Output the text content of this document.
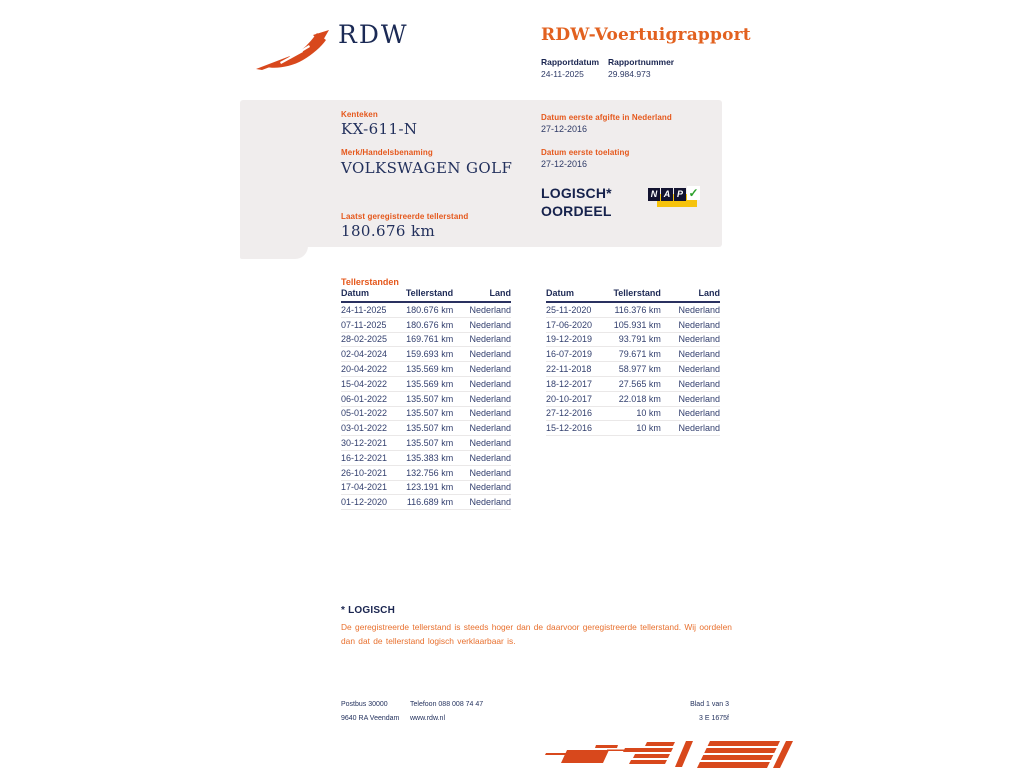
RDW	RDW-Voertuigrapport
Rapportdatum Rapportnummer
24-11-2025	29.984.973
Kenteken
KX-611-N
Merk/Handelsbenaming
VOLKSWAGEN GOLF
Laatst geregistreerde tellerstand
180.676 km
Datum eerste afgifte in Nederland
27-12-2016
Datum eerste toelating
27-12-2016
LOGISCH*
OORDEEL
N A P ✓
Tellerstanden
Datum	Tellerstand	Land
24-11-2025	180.676 km	Nederland
07-11-2025	180.676 km	Nederland
28-02-2025	169.761 km	Nederland
02-04-2024	159.693 km	Nederland
20-04-2022	135.569 km	Nederland
15-04-2022	135.569 km	Nederland
06-01-2022	135.507 km	Nederland
05-01-2022	135.507 km	Nederland
03-01-2022	135.507 km	Nederland
30-12-2021	135.507 km	Nederland
16-12-2021	135.383 km	Nederland
26-10-2021	132.756 km	Nederland
17-04-2021	123.191 km	Nederland
01-12-2020	116.689 km	Nederland
Datum	Tellerstand	Land
25-11-2020	116.376 km	Nederland
17-06-2020	105.931 km	Nederland
19-12-2019	93.791 km	Nederland
16-07-2019	79.671 km	Nederland
22-11-2018	58.977 km	Nederland
18-12-2017	27.565 km	Nederland
20-10-2017	22.018 km	Nederland
27-12-2016	10 km	Nederland
15-12-2016	10 km	Nederland
* LOGISCH
De geregistreerde tellerstand is steeds hoger dan de daarvoor geregistreerde tellerstand. Wij oordelen dan dat de tellerstand logisch verklaarbaar is.
Postbus 30000
9640 RA Veendam
Telefoon 088 008 74 47
www.rdw.nl
Blad 1 van 3
3 E 1675f
